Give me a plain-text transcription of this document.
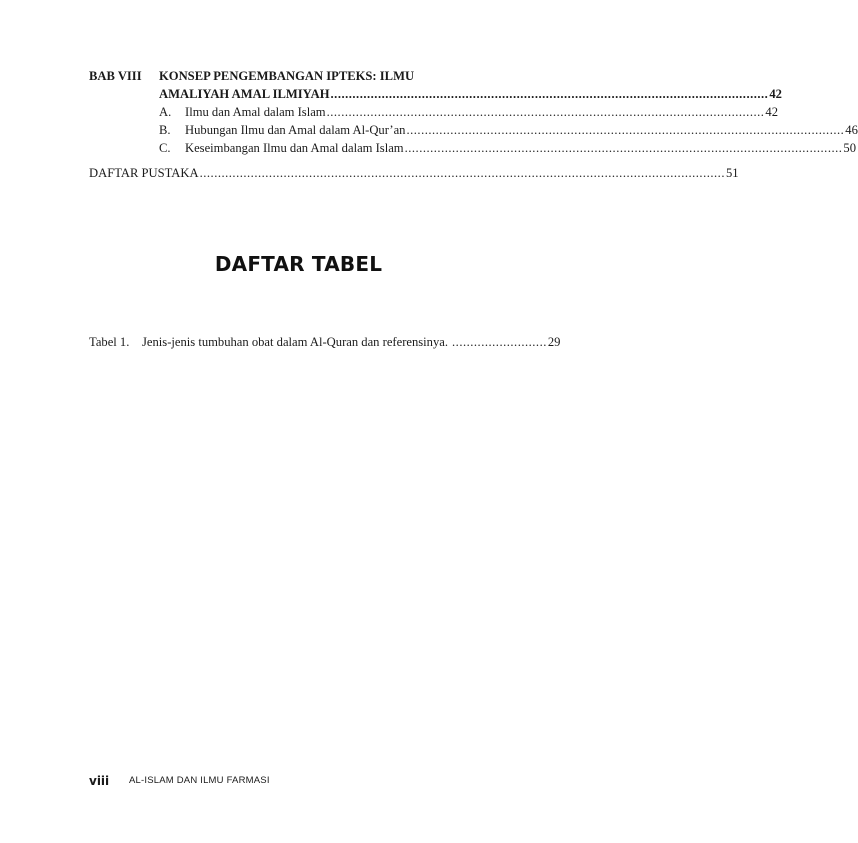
BAB VIII KONSEP PENGEMBANGAN IPTEKS: ILMU
AMALIYAH AMAL ILMIYAH ........................................................................................................................ 42
A.	Ilmu dan Amal dalam Islam ........................................................................................................................ 42
B.	Hubungan Ilmu dan Amal dalam Al-Qur’an ........................................................................................................................ 46
C.	Keseimbangan Ilmu dan Amal dalam Islam ........................................................................................................................ 50
DAFTAR PUSTAKA ................................................................................................................................................ 51
DAFTAR TABEL
Tabel 1. Jenis-jenis tumbuhan obat dalam Al-Quran dan referensinya. .......................... 29
viii AL-ISLAM DAN ILMU FARMASI
